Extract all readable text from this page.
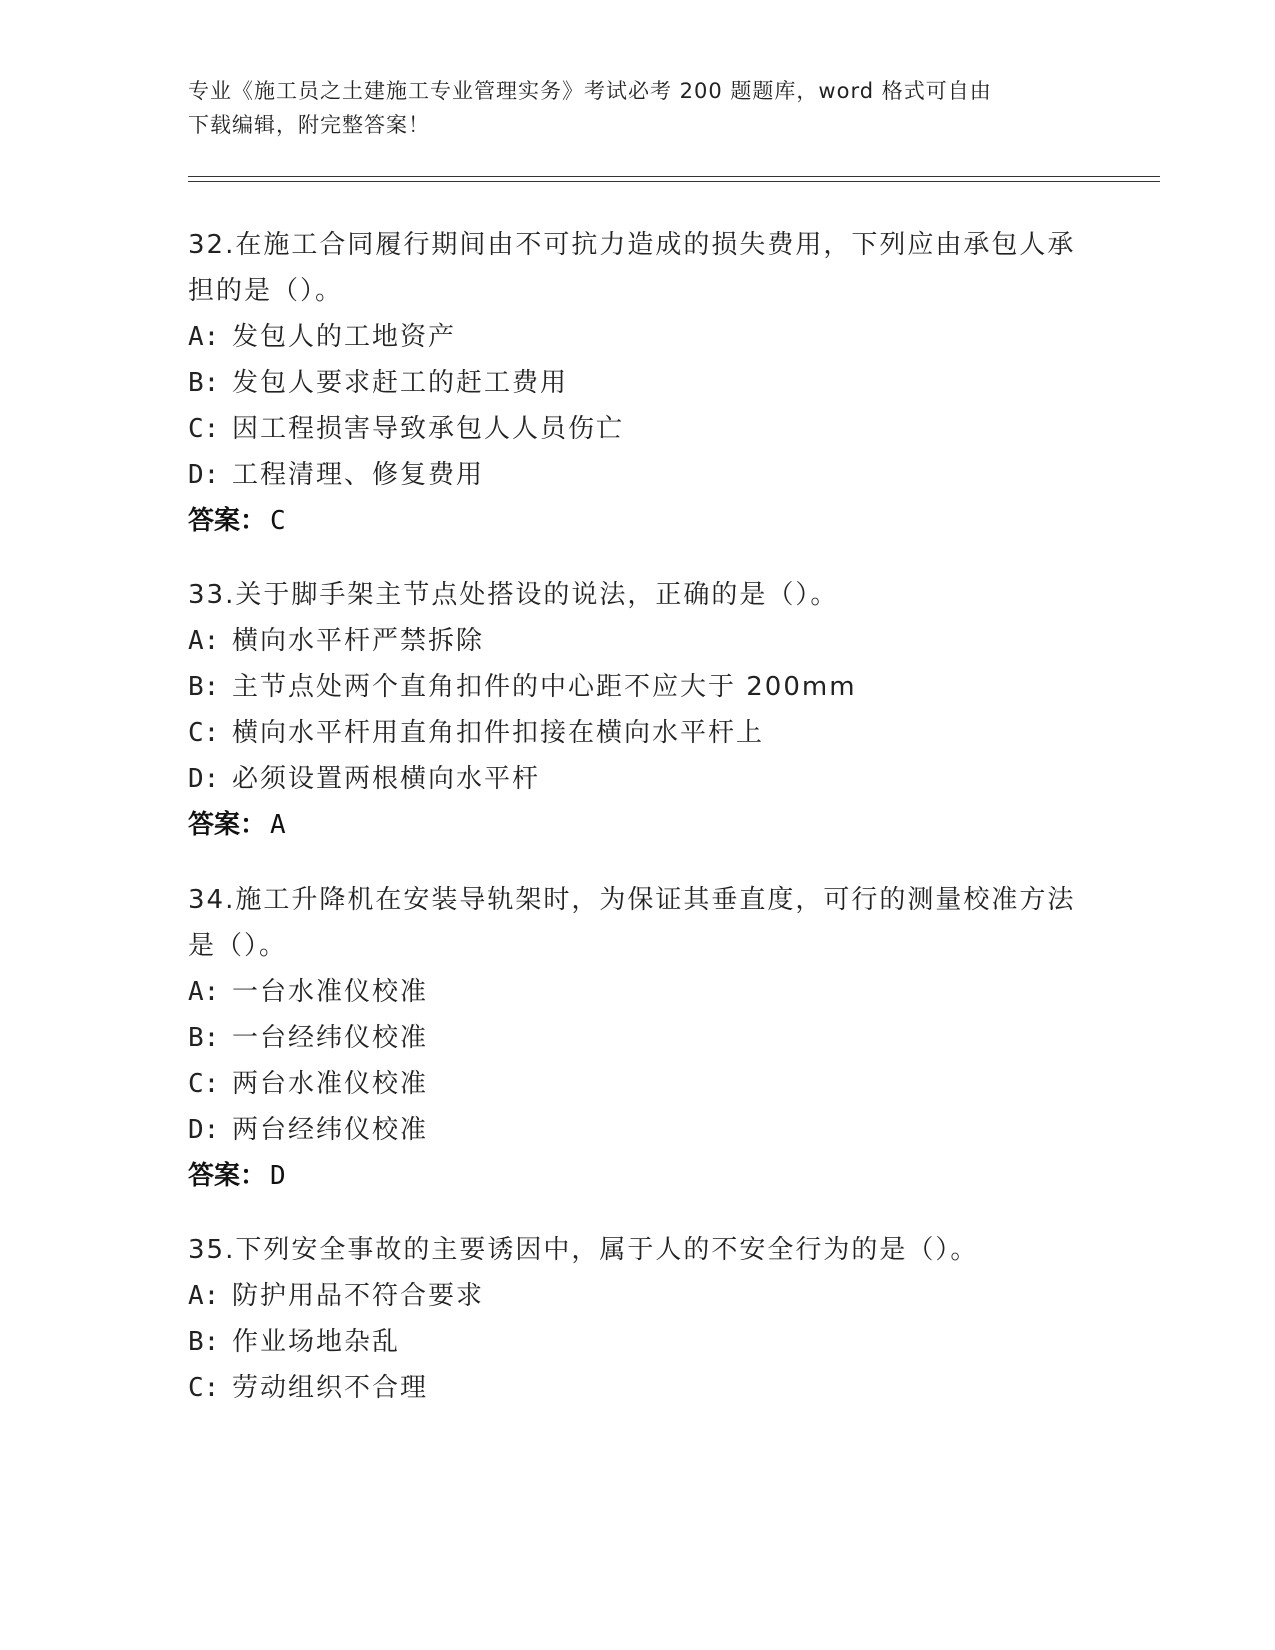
专业《施工员之土建施工专业管理实务》考试必考 200 题题库，word 格式可自由
下载编辑，附完整答案！

32.在施工合同履行期间由不可抗力造成的损失费用，下列应由承包人承担的是（）。

A: 发包人的工地资产

B: 发包人要求赶工的赶工费用

C: 因工程损害导致承包人人员伤亡

D: 工程清理、修复费用

答案： C

33.关于脚手架主节点处搭设的说法，正确的是（）。

A: 横向水平杆严禁拆除

B: 主节点处两个直角扣件的中心距不应大于 200mm

C: 横向水平杆用直角扣件扣接在横向水平杆上

D: 必须设置两根横向水平杆

答案： A

34.施工升降机在安装导轨架时，为保证其垂直度，可行的测量校准方法是（）。

A: 一台水准仪校准

B: 一台经纬仪校准

C: 两台水准仪校准

D: 两台经纬仪校准

答案： D

35.下列安全事故的主要诱因中，属于人的不安全行为的是（）。

A: 防护用品不符合要求

B: 作业场地杂乱

C: 劳动组织不合理
